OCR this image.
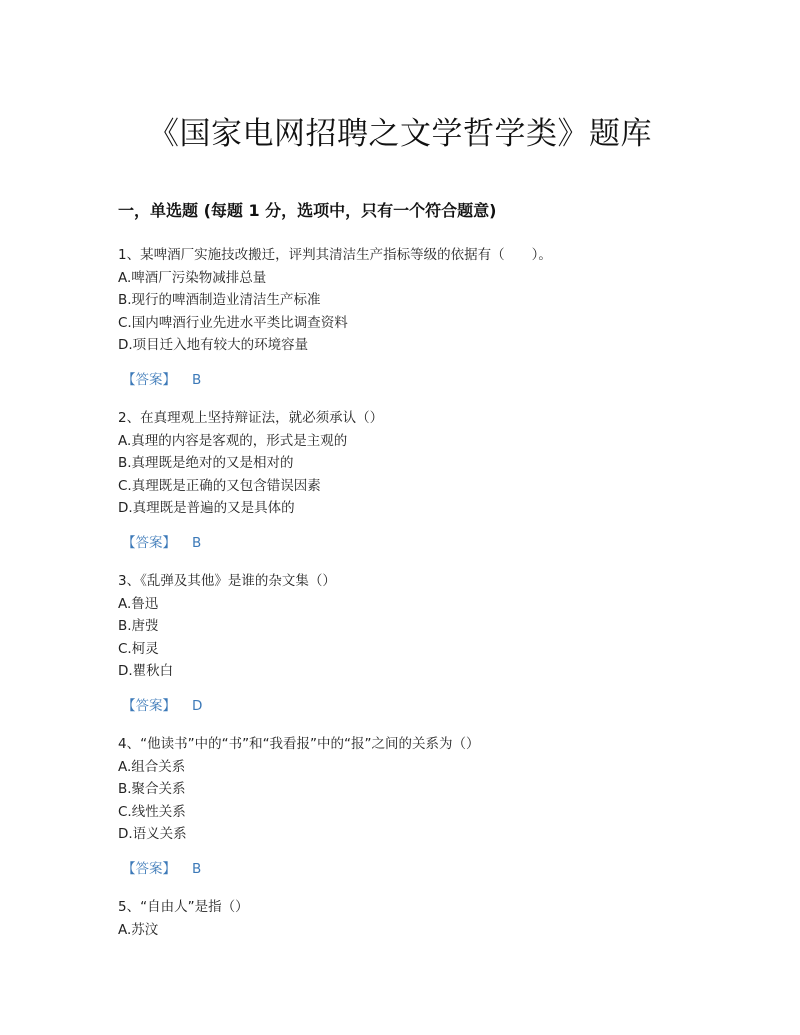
《国家电网招聘之文学哲学类》题库
一，单选题 (每题 1 分，选项中，只有一个符合题意)
1、某啤酒厂实施技改搬迁，评判其清洁生产指标等级的依据有（　　）。
A.啤酒厂污染物减排总量
B.现行的啤酒制造业清洁生产标准
C.国内啤酒行业先进水平类比调查资料
D.项目迁入地有较大的环境容量
【答案】 B
2、在真理观上坚持辩证法，就必须承认（）
A.真理的内容是客观的，形式是主观的
B.真理既是绝对的又是相对的
C.真理既是正确的又包含错误因素
D.真理既是普遍的又是具体的
【答案】 B
3、《乱弹及其他》是谁的杂文集（）
A.鲁迅
B.唐弢
C.柯灵
D.瞿秋白
【答案】 D
4、“他读书”中的“书”和“我看报”中的“报”之间的关系为（）
A.组合关系
B.聚合关系
C.线性关系
D.语义关系
【答案】 B
5、“自由人”是指（）
A.苏汶
